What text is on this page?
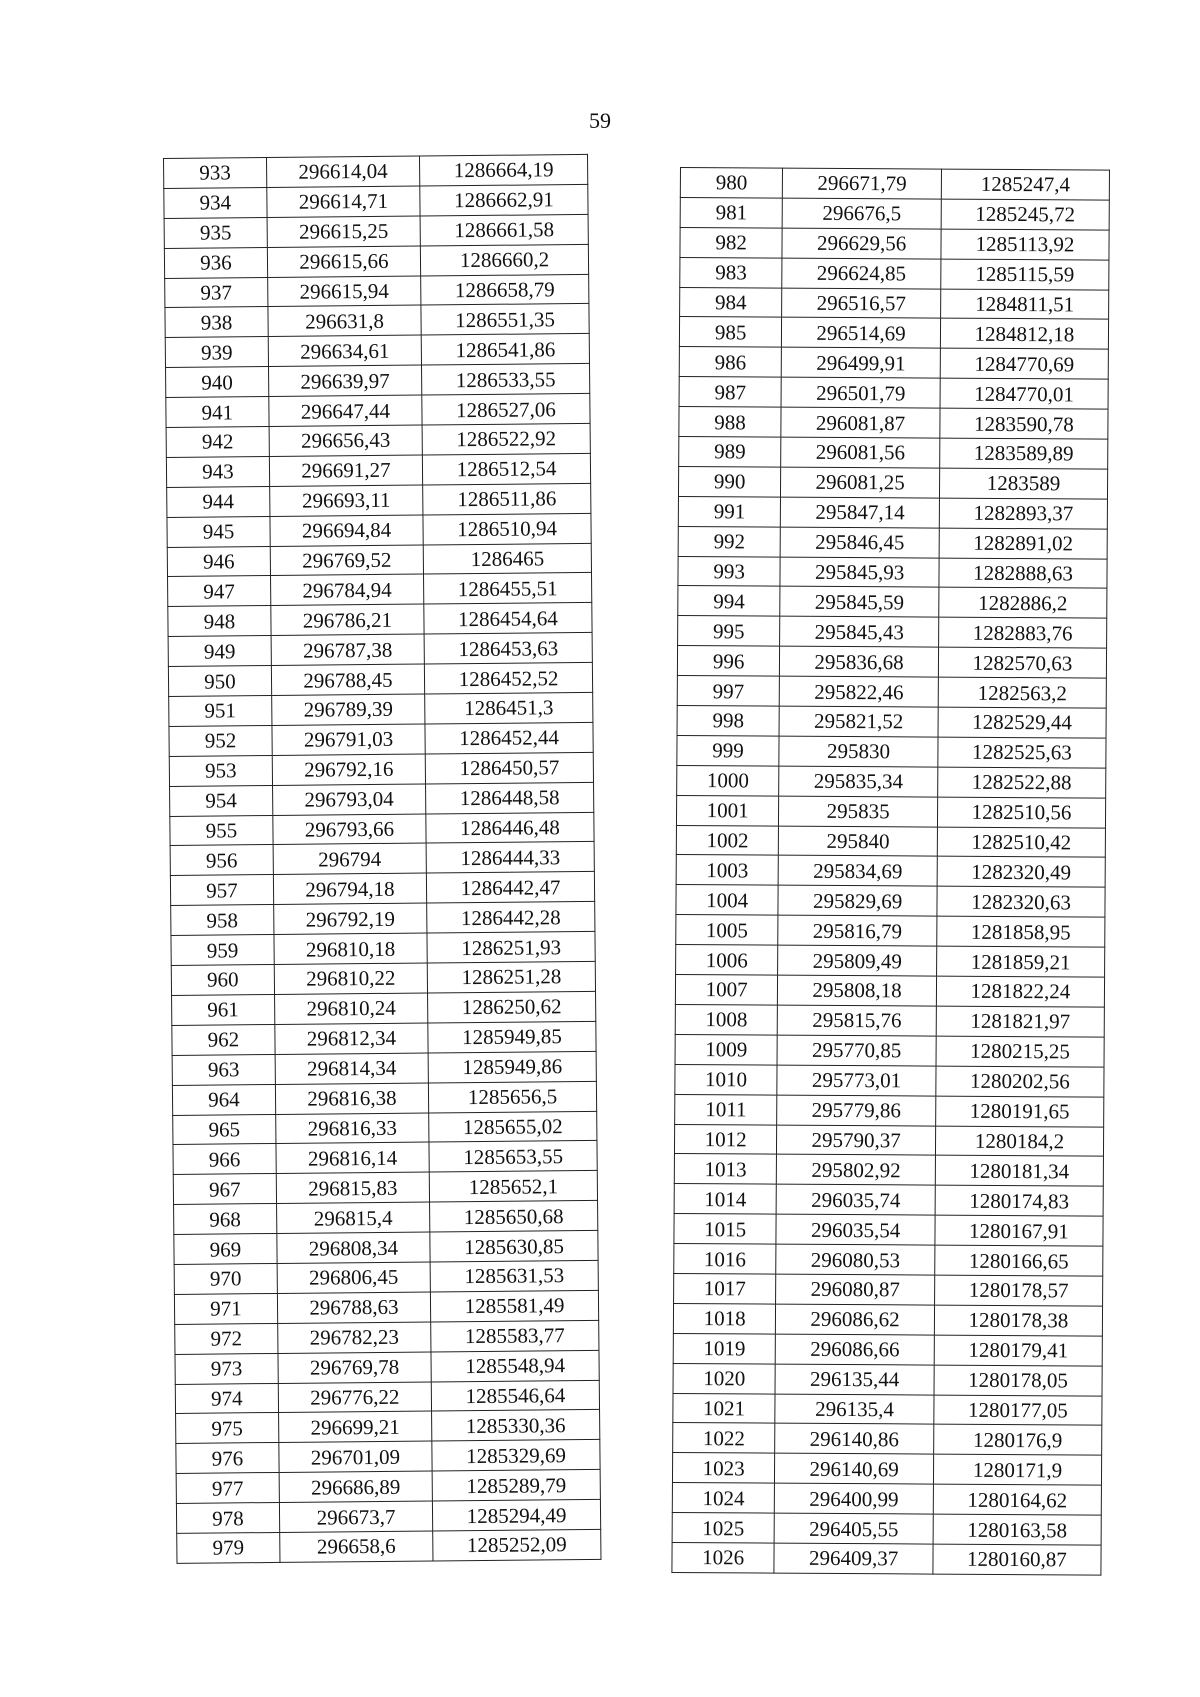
59
933	296614,04	1286664,19
934	296614,71	1286662,91
935	296615,25	1286661,58
936	296615,66	1286660,2
937	296615,94	1286658,79
938	296631,8	1286551,35
939	296634,61	1286541,86
940	296639,97	1286533,55
941	296647,44	1286527,06
942	296656,43	1286522,92
943	296691,27	1286512,54
944	296693,11	1286511,86
945	296694,84	1286510,94
946	296769,52	1286465
947	296784,94	1286455,51
948	296786,21	1286454,64
949	296787,38	1286453,63
950	296788,45	1286452,52
951	296789,39	1286451,3
952	296791,03	1286452,44
953	296792,16	1286450,57
954	296793,04	1286448,58
955	296793,66	1286446,48
956	296794	1286444,33
957	296794,18	1286442,47
958	296792,19	1286442,28
959	296810,18	1286251,93
960	296810,22	1286251,28
961	296810,24	1286250,62
962	296812,34	1285949,85
963	296814,34	1285949,86
964	296816,38	1285656,5
965	296816,33	1285655,02
966	296816,14	1285653,55
967	296815,83	1285652,1
968	296815,4	1285650,68
969	296808,34	1285630,85
970	296806,45	1285631,53
971	296788,63	1285581,49
972	296782,23	1285583,77
973	296769,78	1285548,94
974	296776,22	1285546,64
975	296699,21	1285330,36
976	296701,09	1285329,69
977	296686,89	1285289,79
978	296673,7	1285294,49
979	296658,6	1285252,09
980	296671,79	1285247,4
981	296676,5	1285245,72
982	296629,56	1285113,92
983	296624,85	1285115,59
984	296516,57	1284811,51
985	296514,69	1284812,18
986	296499,91	1284770,69
987	296501,79	1284770,01
988	296081,87	1283590,78
989	296081,56	1283589,89
990	296081,25	1283589
991	295847,14	1282893,37
992	295846,45	1282891,02
993	295845,93	1282888,63
994	295845,59	1282886,2
995	295845,43	1282883,76
996	295836,68	1282570,63
997	295822,46	1282563,2
998	295821,52	1282529,44
999	295830	1282525,63
1000	295835,34	1282522,88
1001	295835	1282510,56
1002	295840	1282510,42
1003	295834,69	1282320,49
1004	295829,69	1282320,63
1005	295816,79	1281858,95
1006	295809,49	1281859,21
1007	295808,18	1281822,24
1008	295815,76	1281821,97
1009	295770,85	1280215,25
1010	295773,01	1280202,56
1011	295779,86	1280191,65
1012	295790,37	1280184,2
1013	295802,92	1280181,34
1014	296035,74	1280174,83
1015	296035,54	1280167,91
1016	296080,53	1280166,65
1017	296080,87	1280178,57
1018	296086,62	1280178,38
1019	296086,66	1280179,41
1020	296135,44	1280178,05
1021	296135,4	1280177,05
1022	296140,86	1280176,9
1023	296140,69	1280171,9
1024	296400,99	1280164,62
1025	296405,55	1280163,58
1026	296409,37	1280160,87
